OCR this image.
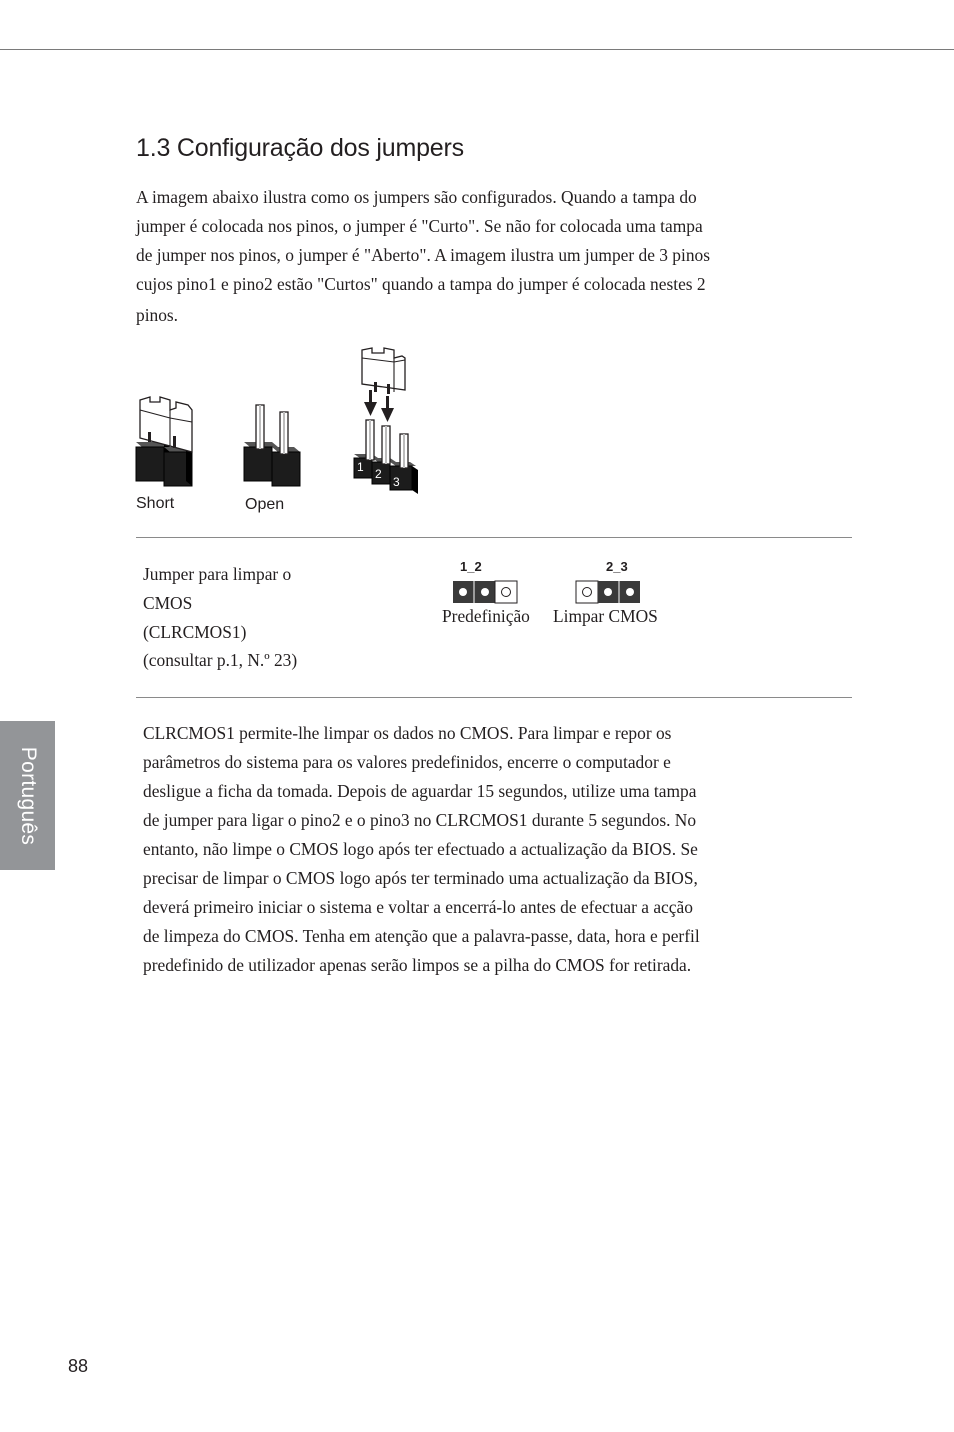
1.3 Configuração dos jumpers

A imagem abaixo ilustra como os jumpers são configurados. Quando a tampa do

jumper é colocada nos pinos, o jumper é "Curto". Se não for colocada uma tampa

de jumper nos pinos, o jumper é "Aberto". A imagem ilustra um jumper de 3 pinos

cujos pino1 e pino2 estão "Curtos" quando a tampa do jumper é colocada nestes 2

pinos.

1 2
3
Short	Open
Jumper para limpar o
CMOS
(CLRCMOS1)
(consultar p.1, N.º 23)
1_2
Predefinição
2_3
Limpar CMOS
CLRCMOS1 permite-lhe limpar os dados no CMOS. Para limpar e repor os
parâmetros do sistema para os valores predefinidos, encerre o computador e
desligue a ficha da tomada. Depois de aguardar 15 segundos, utilize uma tampa
de jumper para ligar o pino2 e o pino3 no CLRCMOS1 durante 5 segundos. No
entanto, não limpe o CMOS logo após ter efectuado a actualização da BIOS. Se
precisar de limpar o CMOS logo após ter terminado uma actualização da BIOS,
deverá primeiro iniciar o sistema e voltar a encerrá-lo antes de efectuar a acção
de limpeza do CMOS. Tenha em atenção que a palavra-passe, data, hora e perfil
predefinido de utilizador apenas serão limpos se a pilha do CMOS for retirada.
Português
88
